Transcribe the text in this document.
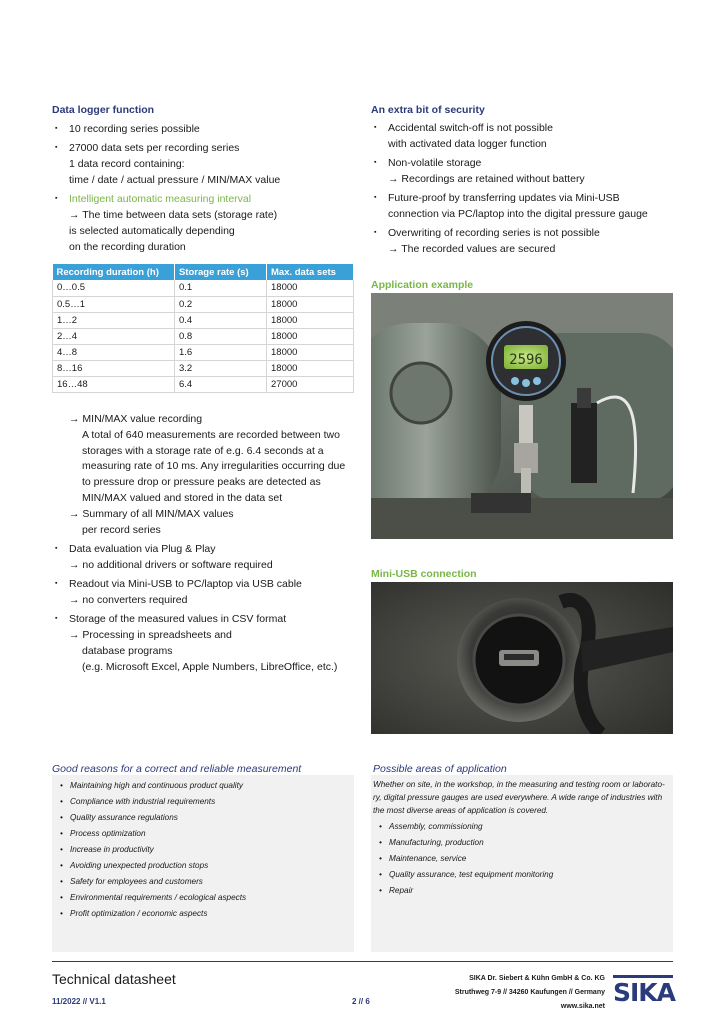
Data logger function
▪ 10 recording series possible
▪ 27000 data sets per recording series
1 data record containing:
time / date / actual pressure / MIN/MAX value
▪ Intelligent automatic measuring interval
→ The time between data sets (storage rate)
is selected automatically depending
on the recording duration
Recording duration (h)	Storage rate (s)	Max. data sets
0…0.5	0.1	18000
0.5…1	0.2	18000
1…2	0.4	18000
2…4	0.8	18000
4…8	1.6	18000
8…16	3.2	18000
16…48	6.4	27000
→ MIN/MAX value recording
A total of 640 measurements are recorded between two
storages with a storage rate of e.g. 6.4 seconds at a
measuring rate of 10 ms. Any irregularities occurring due
to pressure drop or pressure peaks are detected as
MIN/MAX valued and stored in the data set
→ Summary of all MIN/MAX values
per record series
▪ Data evaluation via Plug & Play
→ no additional drivers or software required
▪ Readout via Mini-USB to PC/laptop via USB cable
→ no converters required
▪ Storage of the measured values in CSV format
→ Processing in spreadsheets and
database programs
(e.g. Microsoft Excel, Apple Numbers, LibreOffice, etc.)
An extra bit of security
▪ Accidental switch-off is not possible
with activated data logger function
▪ Non-volatile storage
→ Recordings are retained without battery
▪ Future-proof by transferring updates via Mini-USB
connection via PC/laptop into the digital pressure gauge
▪ Overwriting of recording series is not possible
→ The recorded values are secured
Application example
2596
Mini-USB connection
Good reasons for a correct and reliable measurement
• Maintaining high and continuous product quality
• Compliance with industrial requirements
• Quality assurance regulations
• Process optimization
• Increase in productivity
• Avoiding unexpected production stops
• Safety for employees and customers
• Environmental requirements / ecological aspects
• Profit optimization / economic aspects
Possible areas of application
Whether on site, in the workshop, in the measuring and testing room or laborato-
ry, digital pressure gauges are used everywhere. A wide range of industries with
the most diverse areas of application is covered.
• Assembly, commissioning
• Manufacturing, production
• Maintenance, service
• Quality assurance, test equipment monitoring
• Repair
Technical datasheet
11/2022 // V1.1	2 // 6
SIKA Dr. Siebert & Kühn GmbH & Co. KG
Struthweg 7-9 // 34260 Kaufungen // Germany
www.sika.net SIKA
